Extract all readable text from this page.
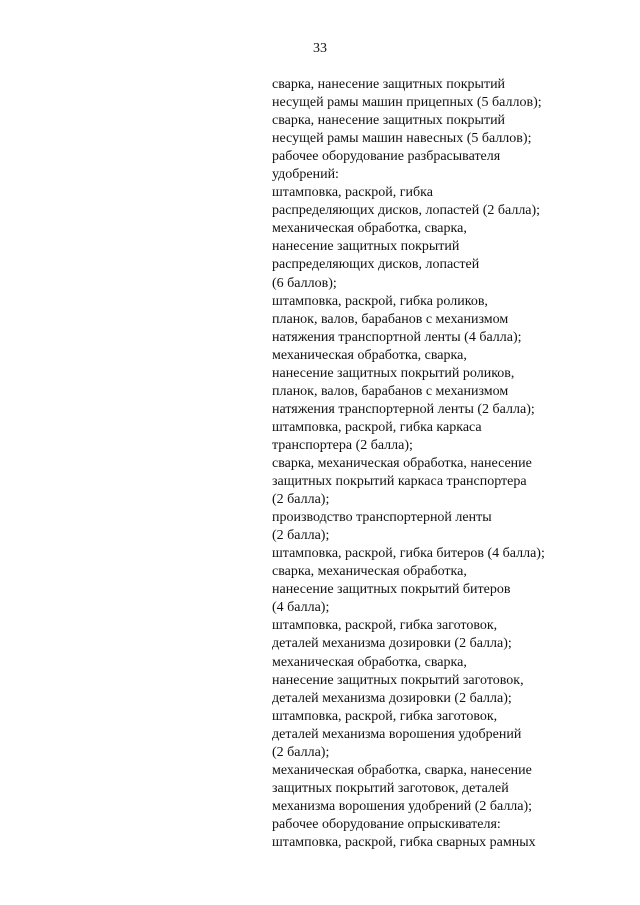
33
сварка, нанесение защитных покрытий
несущей рамы машин прицепных (5 баллов);
сварка, нанесение защитных покрытий
несущей рамы машин навесных (5 баллов);
рабочее оборудование разбрасывателя
удобрений:
штамповка, раскрой, гибка
распределяющих дисков, лопастей (2 балла);
механическая обработка, сварка,
нанесение защитных покрытий
распределяющих дисков, лопастей
(6 баллов);
штамповка, раскрой, гибка роликов,
планок, валов, барабанов с механизмом
натяжения транспортной ленты (4 балла);
механическая обработка, сварка,
нанесение защитных покрытий роликов,
планок, валов, барабанов с механизмом
натяжения транспортерной ленты (2 балла);
штамповка, раскрой, гибка каркаса
транспортера (2 балла);
сварка, механическая обработка, нанесение
защитных покрытий каркаса транспортера
(2 балла);
производство транспортерной ленты
(2 балла);
штамповка, раскрой, гибка битеров (4 балла);
сварка, механическая обработка,
нанесение защитных покрытий битеров
(4 балла);
штамповка, раскрой, гибка заготовок,
деталей механизма дозировки (2 балла);
механическая обработка, сварка,
нанесение защитных покрытий заготовок,
деталей механизма дозировки (2 балла);
штамповка, раскрой, гибка заготовок,
деталей механизма ворошения удобрений
(2 балла);
механическая обработка, сварка, нанесение
защитных покрытий заготовок, деталей
механизма ворошения удобрений (2 балла);
рабочее оборудование опрыскивателя:
штамповка, раскрой, гибка сварных рамных
